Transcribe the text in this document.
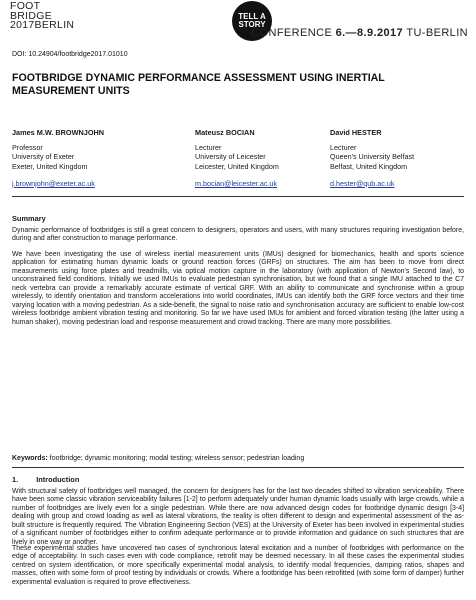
FOOT
BRIDGE
2017BERLIN
TELL A
STORY
CONFERENCE 6.—8.9.2017 TU-BERLIN
DOI: 10.24904/footbridge2017.01010
FOOTBRIDGE DYNAMIC PERFORMANCE ASSESSMENT USING INERTIAL MEASUREMENT UNITS
James M.W. BROWNJOHN
Professor
University of Exeter
Exeter, United Kingdom
j.brownjohn@exeter.ac.uk
Mateusz BOCIAN
Lecturer
University of Leicester
Leicester, United Kingdom
m.bocian@leicester.ac.uk
David HESTER
Lecturer
Queen's University Belfast
Belfast, United Kingdom
d.hester@qub.ac.uk
Summary
Dynamic performance of footbridges is still a great concern to designers, operators and users, with many structures requiring investigation before, during and after construction to manage performance.
We have been investigating the use of wireless inertial measurement units (IMUs) designed for biomechanics, health and sports science application for estimating human dynamic loads or ground reaction forces (GRFs) on structures. The aim has been to move from direct measurements using force plates and treadmills, via optical motion capture in the laboratory (with application of Newton's Second law), to unconstrained field conditions. Initially we used IMUs to evaluate pedestrian synchronisation, but we found that a single IMU attached to the C7 neck vertebra can provide a remarkably accurate estimate of vertical GRF. With an ability to communicate and synchronise within a group wirelessly, to identify orientation and transform accelerations into world coordinates, IMUs can identify both the GRF force vectors and their time varying location with a moving pedestrian. As a side-benefit, the signal to noise ratio and synchronisation accuracy are sufficient to enable low-cost wireless footbridge ambient vibration testing and monitoring. So far we have used IMUs for ambient and forced vibration testing (the latter using a human shaker), moving pedestrian load and response measurement and crowd tracking. There are many more possibilities.
Keywords: footbridge; dynamic monitoring; modal testing; wireless sensor; pedestrian loading
1. Introduction
With structural safety of footbridges well managed, the concern for designers has for the last two decades shifted to vibration serviceability. There have been some classic vibration serviceability failures [1-2] to perform adequately under human dynamic loads usually with large crowds, while a number of footbridges are lively even for a single pedestrian. While there are now advanced design codes for footbridge dynamic design [3-4] dealing with group and crowd loading as well as lateral vibrations, the reality is often different to design and experimental assessment of the as-built structure is frequently required. The Vibration Engineering Section (VES) at the University of Exeter has been involved in experimental studies of a significant number of footbridges either to confirm adequate performance or to provide information and guidance on such structures that are lively in one way or another.
These experimental studies have uncovered two cases of synchronous lateral excitation and a number of footbridges with performance on the edge of acceptability. In such cases even with code compliance, retrofit may be deemed necessary. In all these cases the experimental studies centred on system identification, or more specifically experimental modal analysis, to identify modal frequencies, damping ratios, shapes and masses, often with some form of proof testing by individuals or crowds. Where a footbridge has been retrofitted (with some form of damper) further experimental evaluation is required to prove effectiveness.
